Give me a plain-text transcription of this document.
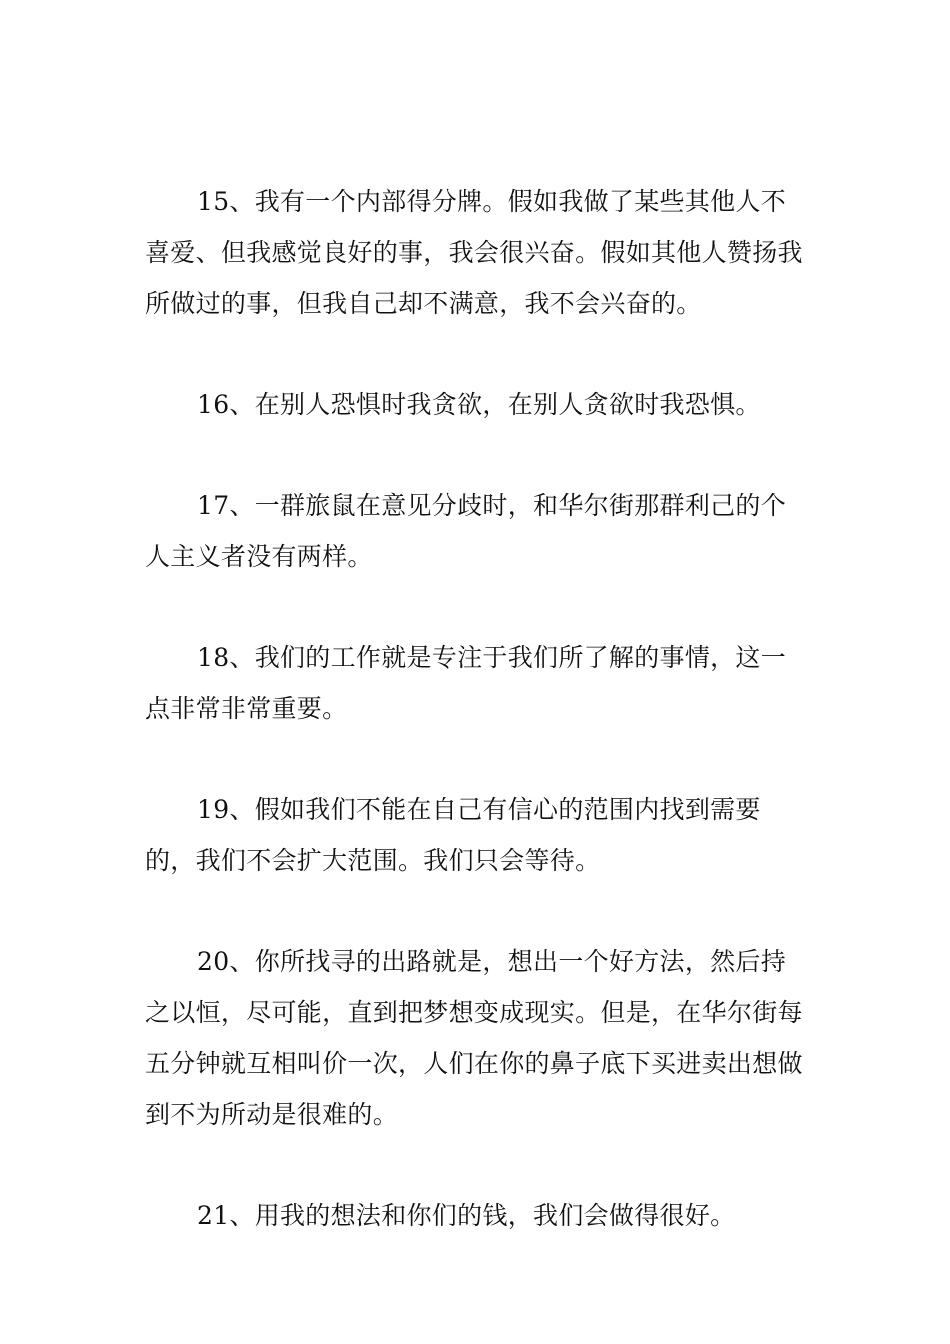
15、我有一个内部得分牌。假如我做了某些其他人不喜爱、但我感觉良好的事，我会很兴奋。假如其他人赞扬我所做过的事，但我自己却不满意，我不会兴奋的。

16、在别人恐惧时我贪欲，在别人贪欲时我恐惧。

17、一群旅鼠在意见分歧时，和华尔街那群利己的个人主义者没有两样。

18、我们的工作就是专注于我们所了解的事情，这一点非常非常重要。

19、假如我们不能在自己有信心的范围内找到需要的，我们不会扩大范围。我们只会等待。

20、你所找寻的出路就是，想出一个好方法，然后持之以恒，尽可能，直到把梦想变成现实。但是，在华尔街每五分钟就互相叫价一次，人们在你的鼻子底下买进卖出想做到不为所动是很难的。

21、用我的想法和你们的钱，我们会做得很好。
